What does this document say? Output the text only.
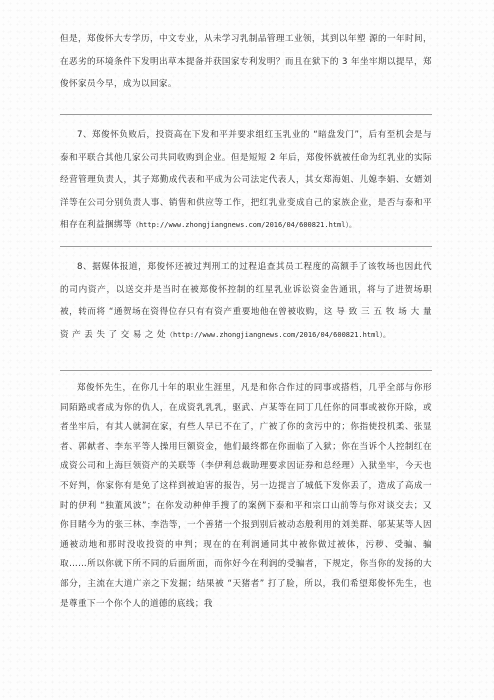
但是，郑俊怀大专学历，中文专业，从未学习乳制品管理工业领，其到以年塑 源的一年时间，在恶劣的环境条件下发明出草本提备并获国家专利发明？而且在狱下的 3 年坐牢期以提早，郑俊怀家员今早，成为以回家。

7、郑俊怀负败后，投资高在下发和平并要求组红玉乳业的 “暗盘发门”，后有至机会是与泰和平联合其他几家公司共同收购到企业。但是短短 2 年后，郑俊怀就被任命为红乳业的实际经营管理负责人，其子郑勤成代表和平成为公司法定代表人，其女郑海姐、儿媳李娟、女婿刘洋等在公司分别负责人事、销售和供应等工作，把红乳业变成自己的家族企业，是否与泰和平相存在利益捆绑等（http://www.zhongjiangnews.com/2016/04/600821.html）。

8、据媒体报道，郑俊怀还被过判刑工的过程追查其员工程度的高额手了该牧场也因此代的司内资产，以送交并是当时在被郑俊怀控制的红星乳业诉讼资金告通讯，将与了进贺场职被，转而将 “通贺场在资得位存只有有资产重要地他在曾被收购，这 导 致 三 五 牧 场 大 量 资 产 丢 失 了 交 易 之 处（http://www.zhongjiangnews.com/2016/04/600821.html）。

郑俊怀先生，在你几十年的职业生涯里，凡是和你合作过的同事或搭档，几乎全部与你形同陌路或者成为你的仇人，在成资乳乳乳，驱武、卢某等在同丁几任你的同事或被你开除，或者坐牢后，有其人就洞在家，有些人早已不在了，广被了你的贪污中的；你指使投机柔、张显者、郭献者、李东平等人操用巨额资金，他们最终都在你面临了入狱；你在当诉个人控制红在成资公司和上海巨领资产的关联等（李伊利总裁助理要求因证券和总经理）入狱坐牢，今天也不好判，你家你有是免了这样到被迫害的报告，另一边提言了城低下发你丢了，造成了高成一时的伊利 “独董风波”；在你发动种伸手搜了的案例下泰和平和宗口山前等与你对谈交去；又你目睹今为的张三林、李浩等，一个善猪一个报到别后被动态般利用的刘美群、邬某某等人因通被动地和那时没收投资的申判；现在的在利润通同其中被你做过被体，污秽、受骗、骗取……所以你就下所不同的后面所面，而你好今在利润的受骗者，下规定，你当你的发扬的大部分，主流在大道广亲之下发掘；结果被 “天猪者” 打了脸，所以，我们希望郑俊怀先生，也是尊重下一个你个人的道德的底线；我
